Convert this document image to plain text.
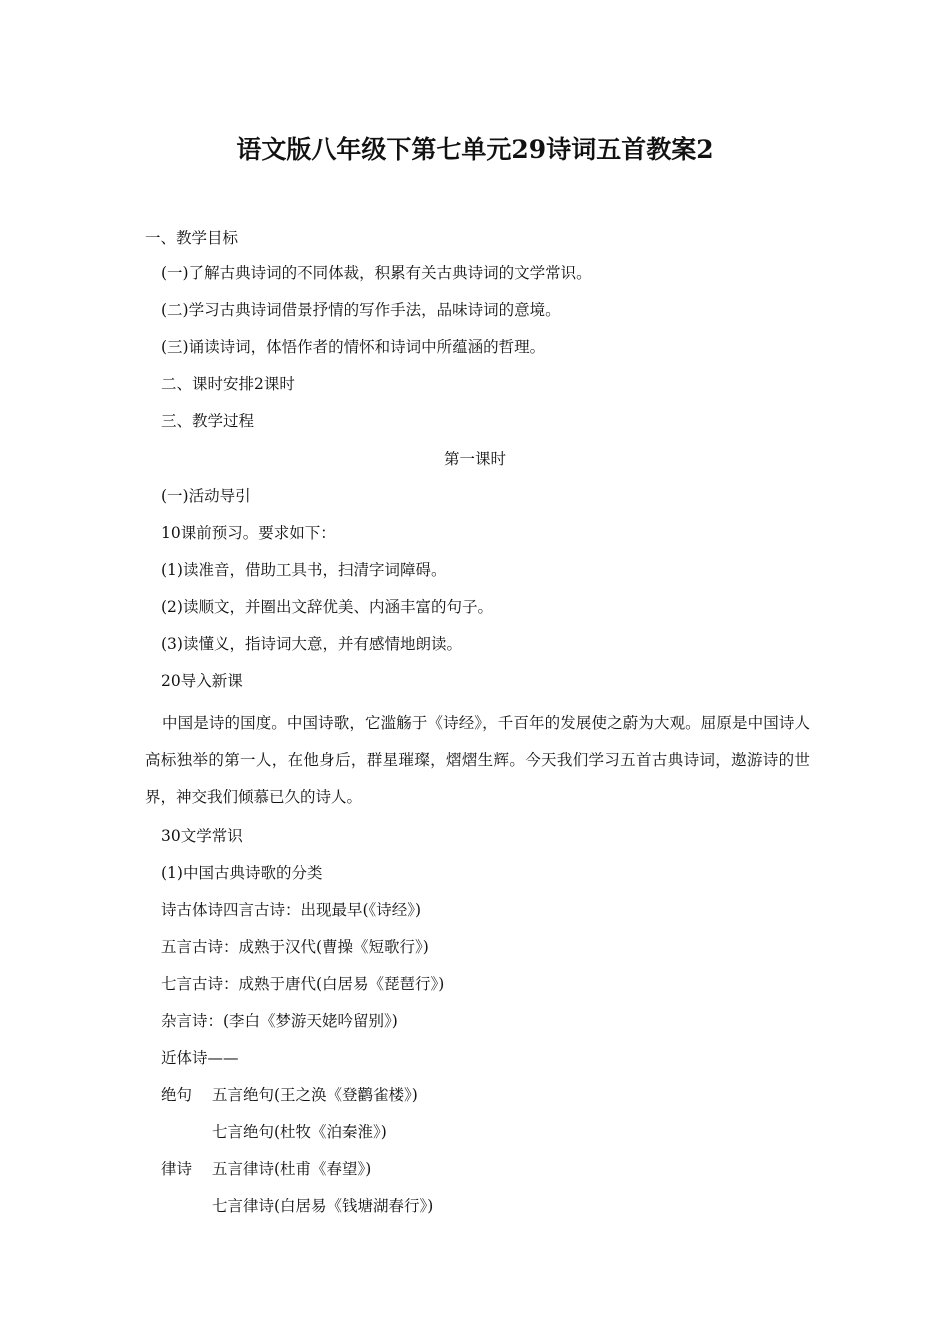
语文版八年级下第七单元29诗词五首教案2
一、教学目标
(一)了解古典诗词的不同体裁，积累有关古典诗词的文学常识。
(二)学习古典诗词借景抒情的写作手法，品味诗词的意境。
(三)诵读诗词，体悟作者的情怀和诗词中所蕴涵的哲理。
二、课时安排2课时
三、教学过程
第一课时
(一)活动导引
10课前预习。要求如下：
(1)读准音，借助工具书，扫清字词障碍。
(2)读顺文，并圈出文辞优美、内涵丰富的句子。
(3)读懂义，指诗词大意，并有感情地朗读。
20导入新课
中国是诗的国度。中国诗歌，它滥觞于《诗经》，千百年的发展使之蔚为大观。屈原是中国诗人高标独举的第一人，在他身后，群星璀璨，熠熠生辉。今天我们学习五首古典诗词，遨游诗的世界，神交我们倾慕已久的诗人。
30文学常识
(1)中国古典诗歌的分类
诗古体诗四言古诗：出现最早(《诗经》)
五言古诗：成熟于汉代(曹操《短歌行》)
七言古诗：成熟于唐代(白居易《琵琶行》)
杂言诗：(李白《梦游天姥吟留别》)
近体诗——
绝句 五言绝句(王之涣《登鹳雀楼》)
七言绝句(杜牧《泊秦淮》)
律诗 五言律诗(杜甫《春望》)
七言律诗(白居易《钱塘湖春行》)
